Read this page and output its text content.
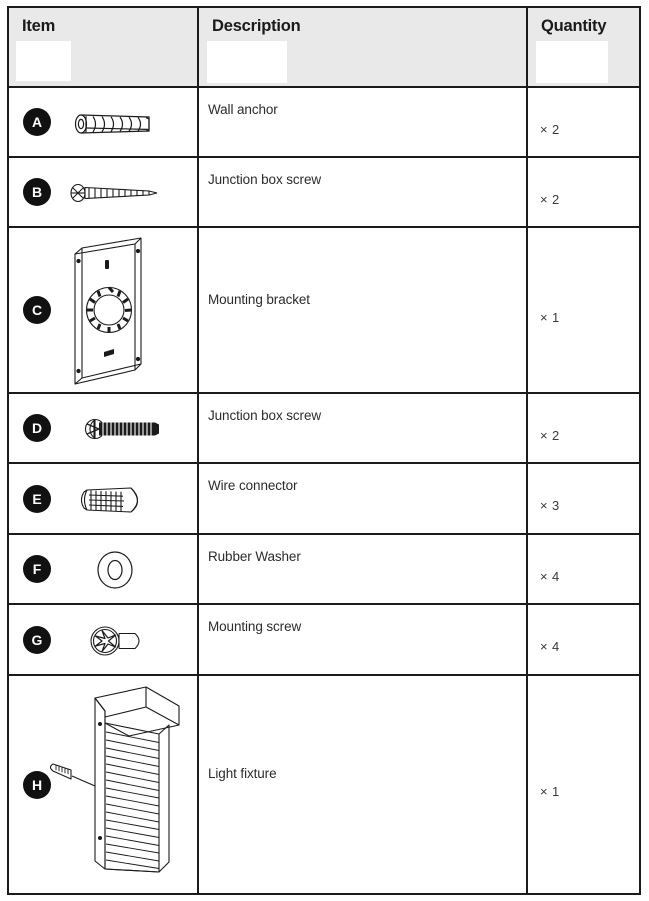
Item	Description	Quantity
A
Wall anchor
× 2
B
Junction box screw
× 2
C
Mounting bracket
× 1
D
Junction box screw
× 2
E
Wire connector
× 3
F
Rubber Washer
× 4
G
Mounting screw
× 4
H
Light fixture
× 1
